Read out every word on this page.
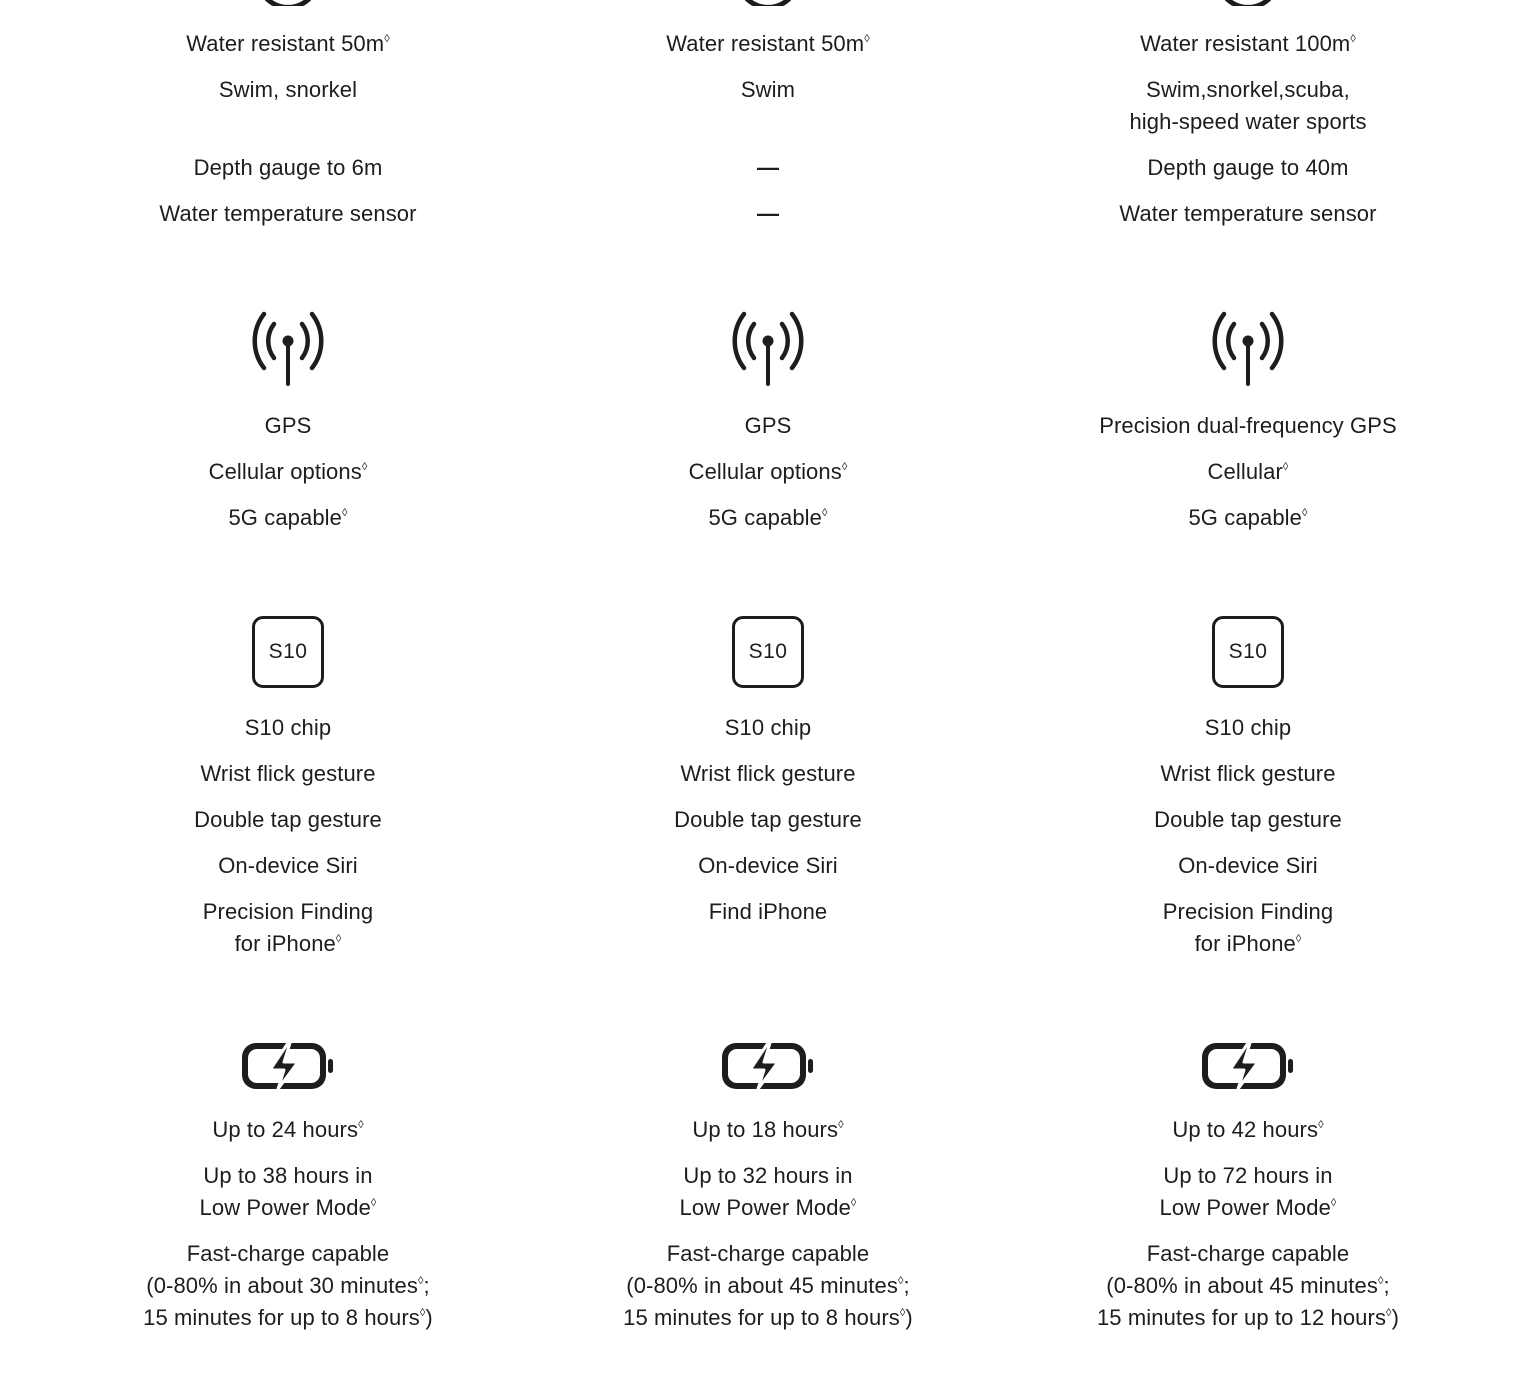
Water resistant 50m◊
Swim, snorkel
Depth gauge to 6m
Water temperature sensor
GPS
Cellular options◊
5G capable◊
S10
S10 chip
Wrist flick gesture
Double tap gesture
On-device Siri
Precision Finding
for iPhone◊
Up to 24 hours◊
Up to 38 hours in
Low Power Mode◊
Fast-charge capable
(0-80% in about 30 minutes◊;
15 minutes for up to 8 hours◊)
Water resistant 50m◊
Swim
—
—
GPS
Cellular options◊
5G capable◊
S10
S10 chip
Wrist flick gesture
Double tap gesture
On-device Siri
Find iPhone
Up to 18 hours◊
Up to 32 hours in
Low Power Mode◊
Fast-charge capable
(0-80% in about 45 minutes◊;
15 minutes for up to 8 hours◊)
Water resistant 100m◊
Swim,snorkel,scuba,
high-speed water sports
Depth gauge to 40m
Water temperature sensor
Precision dual-frequency GPS
Cellular◊
5G capable◊
S10
S10 chip
Wrist flick gesture
Double tap gesture
On-device Siri
Precision Finding
for iPhone◊
Up to 42 hours◊
Up to 72 hours in
Low Power Mode◊
Fast-charge capable
(0-80% in about 45 minutes◊;
15 minutes for up to 12 hours◊)
